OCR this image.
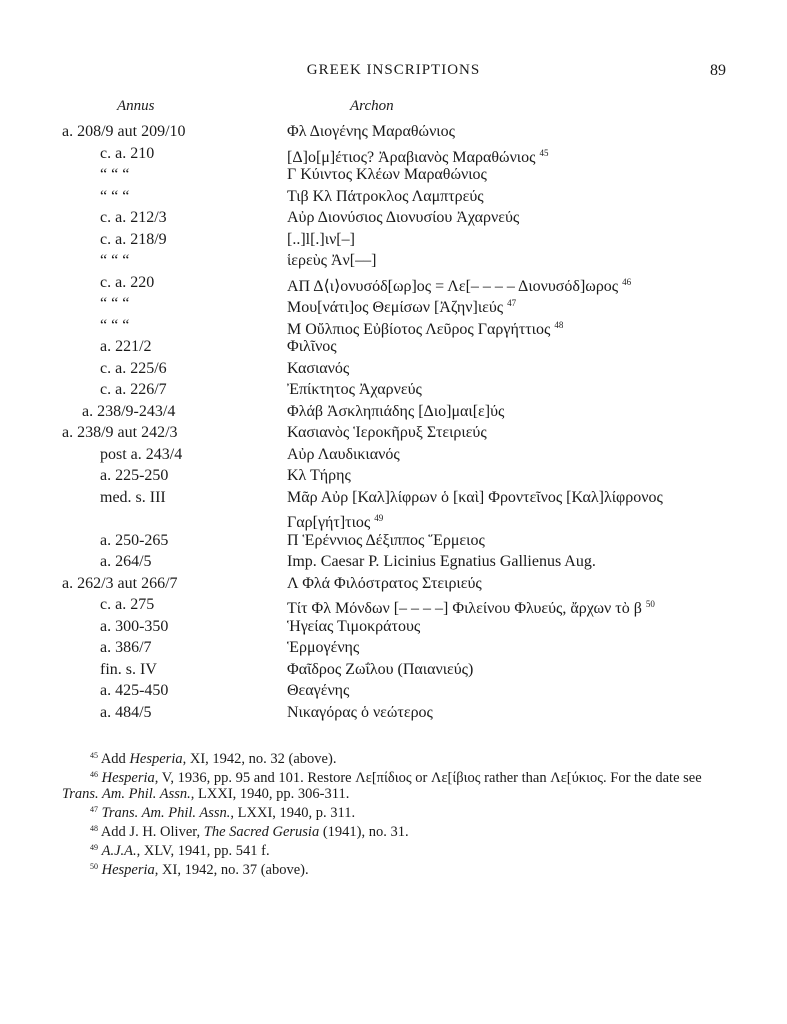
GREEK INSCRIPTIONS	89
Annus	Archon
a. 208/9 aut 209/10	Φλ Διογένης Μαραθώνιος
c. a. 210	[Δ]ο[μ]έτιος? Ἀραβιανὸς Μαραθώνιος $^{45}$
“ “ “	Γ Κύιντος Κλέων Μαραθώνιος
“ “ “	Τιβ Κλ Πάτροκλος Λαμπτρεύς
c. a. 212/3	Αὐρ Διονύσιος Διονυσίου Ἀχαρνεύς
c. a. 218/9	[..]l[.]ιν[–]
“ “ “	ἱερεὺς Ἀν[––]
c. a. 220	ΑΠ Δ⟨ι⟩ονυσόδ[ωρ]ος = Λε[– – – – Διονυσόδ]ωρος $^{46}$
“ “ “	Μου[νάτι]ος Θεμίσων [Ἀζην]ιεύς $^{47}$
“ “ “	Μ Οὔλπιος Εὐβίοτος Λεῦρος Γαργήττιος $^{48}$
a. 221/2	Φιλῖνος
c. a. 225/6	Κασιανός
c. a. 226/7	Ἐπίκτητος Ἀχαρνεύς
a. 238/9-243/4	Φλάβ Ἀσκληπιάδης [Διο]μαι[ε]ύς
a. 238/9 aut 242/3	Κασιανὸς Ἱεροκῆρυξ Στειριεύς
post a. 243/4	Αὐρ Λαυδικιανός
a. 225-250	Κλ Τήρης
med. s. III	Μᾶρ Αὐρ [Καλ]λίφρων ὁ [καὶ] Φροντεῖνος [Καλ]λίφρονος Γαρ[γήτ]τιος $^{49}$
a. 250-265	Π Ἑρέννιος Δέξιππος Ἕρμειος
a. 264/5	Imp. Caesar P. Licinius Egnatius Gallienus Aug.
a. 262/3 aut 266/7	Λ Φλά Φιλόστρατος Στειριεύς
c. a. 275	Τίτ Φλ Μόνδων [– – – –] Φιλείνου Φλυεύς, ἄρχων τὸ β $^{50}$
a. 300-350	Ἡγείας Τιμοκράτους
a. 386/7	Ἑρμογένης
fin. s. IV	Φαῖδρος Ζωΐλου (Παιανιεύς)
a. 425-450	Θεαγένης
a. 484/5	Νικαγόρας ὁ νεώτερος

$^{45}$ Add Hesperia, XI, 1942, no. 32 (above).

$^{46}$ Hesperia, V, 1936, pp. 95 and 101. Restore Λε[πίδιος or Λε[ίβιος rather than Λε[ύκιος. For the date see Trans. Am. Phil. Assn., LXXI, 1940, pp. 306-311.

$^{47}$ Trans. Am. Phil. Assn., LXXI, 1940, p. 311.

$^{48}$ Add J. H. Oliver, The Sacred Gerusia (1941), no. 31.

$^{49}$ A.J.A., XLV, 1941, pp. 541 f.

$^{50}$ Hesperia, XI, 1942, no. 37 (above).
